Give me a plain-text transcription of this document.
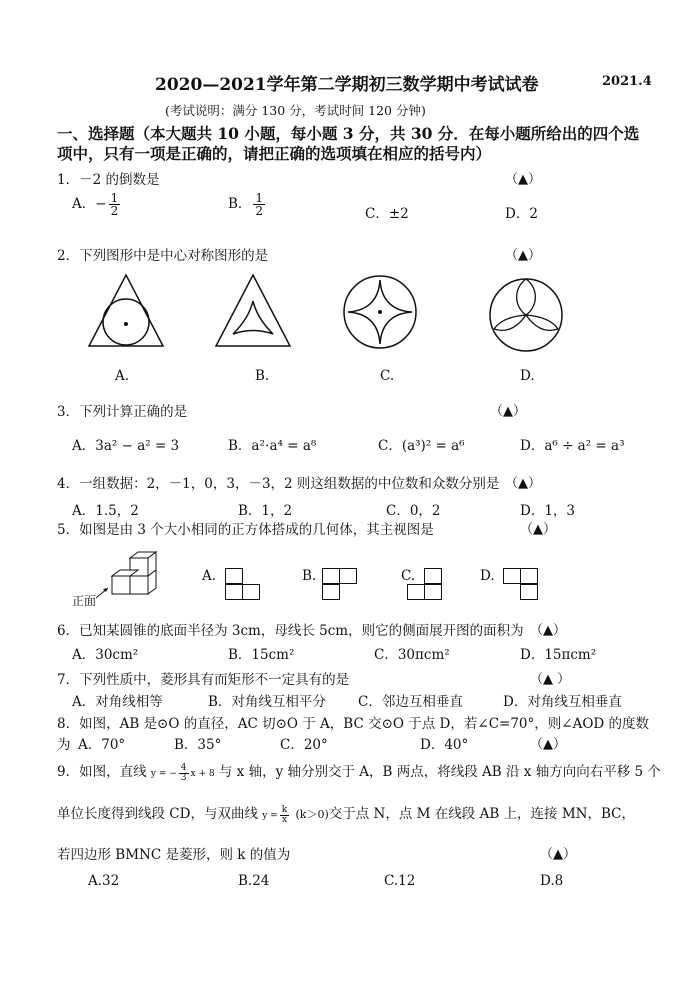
2020—2021学年第二学期初三数学期中考试试卷	2021.4
(考试说明：满分 130 分，考试时间 120 分钟)
一、选择题（本大题共 10 小题，每小题 3 分，共 30 分．在每小题所给出的四个选
项中，只有一项是正确的，请把正确的选项填在相应的括号内）
1．－2 的倒数是	（▲）
A．− $\frac{1}{2}$	B． $\frac{1}{2}$	C．±2	D．2
2．下列图形中是中心对称图形的是	（▲）
A.	B.	C.	D.
3．下列计算正确的是	（▲）
A．3a² − a² = 3	B．a²⋅a⁴ = a⁸	C．(a³)² = a⁶	D．a⁶ ÷ a² = a³
4．一组数据：2，－1，0，3，－3，2 则这组数据的中位数和众数分别是 （▲）
A．1.5，2	B．1，2	C．0，2	D．1，3
5．如图是由 3 个大小相同的正方体搭成的几何体，其主视图是	（▲）
正面
A.	B.	C.	D.
6．已知某圆锥的底面半径为 3cm，母线长 5cm，则它的侧面展开图的面积为 （▲）
A．30cm²	B．15cm²	C．30πcm²	D．15πcm²
7．下列性质中，菱形具有而矩形不一定具有的是	（▲ ）
A．对角线相等	B．对角线互相平分 C．邻边互相垂直	D．对角线互相垂直
8．如图，AB 是⊙O 的直径，AC 切⊙O 于 A，BC 交⊙O 于点 D，若∠C=70°，则∠AOD 的度数
为 A．70°	B．35°	C．20°	D．40°	（▲）
9．如图，直线 y = − $\frac{4}{3}$ x + 8 与 x 轴，y 轴分别交于 A，B 两点，将线段 AB 沿 x 轴方向向右平移 5 个
单位长度得到线段 CD，与双曲线 $y = \frac{k}{x} (k>0)$交于点 N，点 M 在线段 AB 上，连接 MN，BC，
若四边形 BMNC 是菱形，则 k 的值为	（▲）
A.32	B.24	C.12	D.8
